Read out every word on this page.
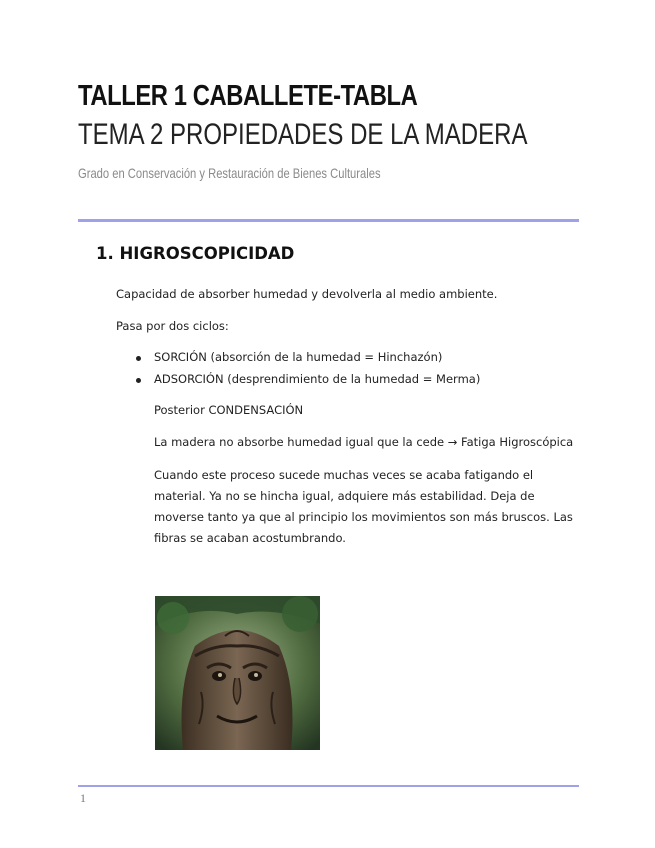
TALLER 1 CABALLETE-TABLA
TEMA 2 PROPIEDADES DE LA MADERA
Grado en Conservación y Restauración de Bienes Culturales
1. HIGROSCOPICIDAD
Capacidad de absorber humedad y devolverla al medio ambiente.
Pasa por dos ciclos:
SORCIÓN (absorción de la humedad = Hinchazón)
ADSORCIÓN (desprendimiento de la humedad = Merma)
Posterior CONDENSACIÓN
La madera no absorbe humedad igual que la cede → Fatiga Higroscópica
Cuando este proceso sucede muchas veces se acaba fatigando el material. Ya no se hincha igual, adquiere más estabilidad. Deja de moverse tanto ya que al principio los movimientos son más bruscos. Las fibras se acaban acostumbrando.
1
